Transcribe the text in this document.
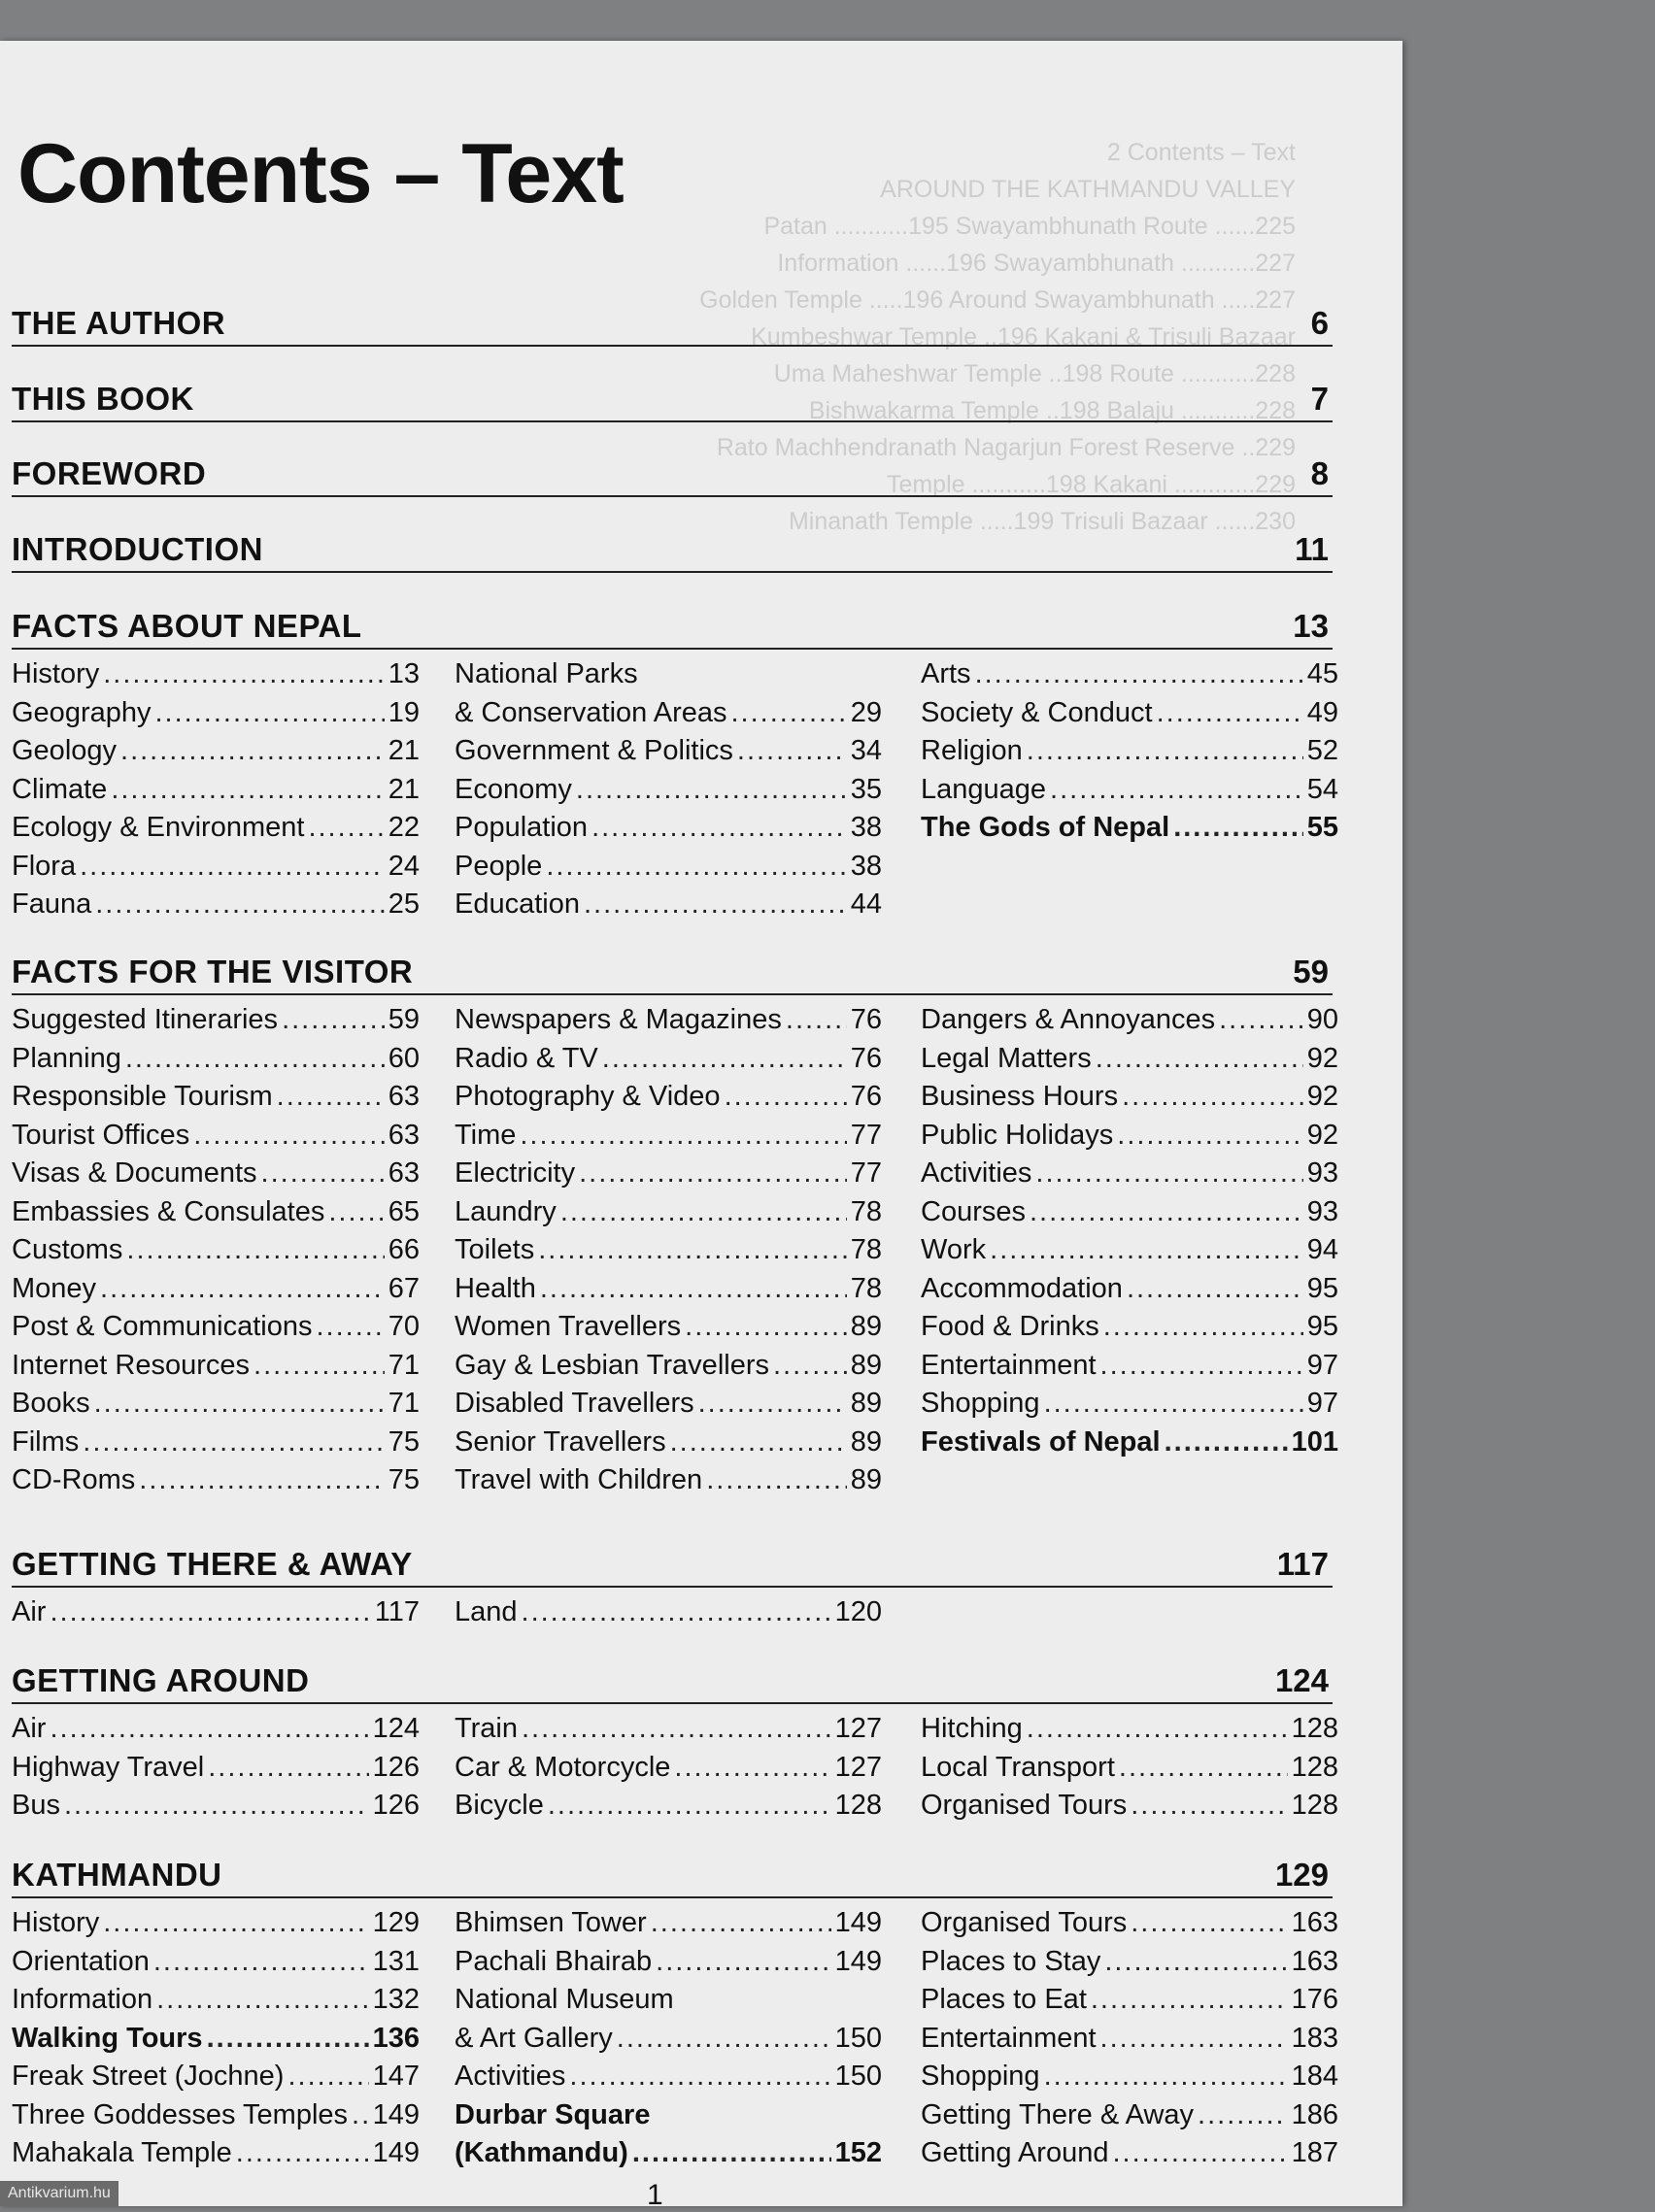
2 Contents – Text
AROUND THE KATHMANDU VALLEY
Patan ...........195 Swayambhunath Route ......225
Information ......196 Swayambhunath ...........227
Golden Temple .....196 Around Swayambhunath .....227
Kumbeshwar Temple ..196 Kakani & Trisuli Bazaar
Uma Maheshwar Temple ..198 Route ...........228
Bishwakarma Temple ..198 Balaju ...........228
Rato Machhendranath Nagarjun Forest Reserve ..229
Temple ...........198 Kakani ............229
Minanath Temple .....199 Trisuli Bazaar ......230
Contents – Text
THE AUTHOR	6
THIS BOOK	7
FOREWORD	8
INTRODUCTION	11
FACTS ABOUT NEPAL	13
History .....	13
Geography .....	19
Geology .....	21
Climate .....	21
Ecology & Environment .....	22
Flora .....	24
Fauna .....	25
National Parks
& Conservation Areas .....	29
Government & Politics .....	34
Economy .....	35
Population .....	38
People .....	38
Education .....	44
Arts .....	45
Society & Conduct .....	49
Religion .....	52
Language .....	54
The Gods of Nepal .....	55
FACTS FOR THE VISITOR	59
Suggested Itineraries .....	59
Planning .....	60
Responsible Tourism .....	63
Tourist Offices .....	63
Visas & Documents .....	63
Embassies & Consulates ..... 65
Customs .....	66
Money .....	67
Post & Communications .....	70
Internet Resources .....	71
Books .....	71
Films .....	75
CD-Roms .....	75
Newspapers & Magazines ..... 76
Radio & TV .....	76
Photography & Video .....	76
Time .....	77
Electricity .....	77
Laundry .....	78
Toilets .....	78
Health .....	78
Women Travellers .....	89
Gay & Lesbian Travellers .....	89
Disabled Travellers .....	89
Senior Travellers .....	89
Travel with Children .....	89
Dangers & Annoyances .....	90
Legal Matters .....	92
Business Hours .....	92
Public Holidays .....	92
Activities .....	93
Courses .....	93
Work .....	94
Accommodation .....	95
Food & Drinks .....	95
Entertainment .....	97
Shopping .....	97
Festivals of Nepal .....	101
GETTING THERE & AWAY	117
Air .....	117 Land .....	120
GETTING AROUND	124
Air .....	124
Highway Travel .....	126
Bus .....	126
Train .....	127
Car & Motorcycle .....	127
Bicycle .....	128
Hitching .....	128
Local Transport .....	128
Organised Tours .....	128
KATHMANDU	129
History .....	129
Orientation .....	131
Information .....	132
Walking Tours .....	136
Freak Street (Jochne) .....	147
Three Goddesses Temples ..... 149
Mahakala Temple .....	149
Bhimsen Tower .....	149
Pachali Bhairab .....	149
National Museum
& Art Gallery .....	150
Activities .....	150
Durbar Square
(Kathmandu) .....	152
Organised Tours .....	163
Places to Stay .....	163
Places to Eat .....	176
Entertainment .....	183
Shopping .....	184
Getting There & Away .....	186
Getting Around .....	187
1
Antikvarium.hu
